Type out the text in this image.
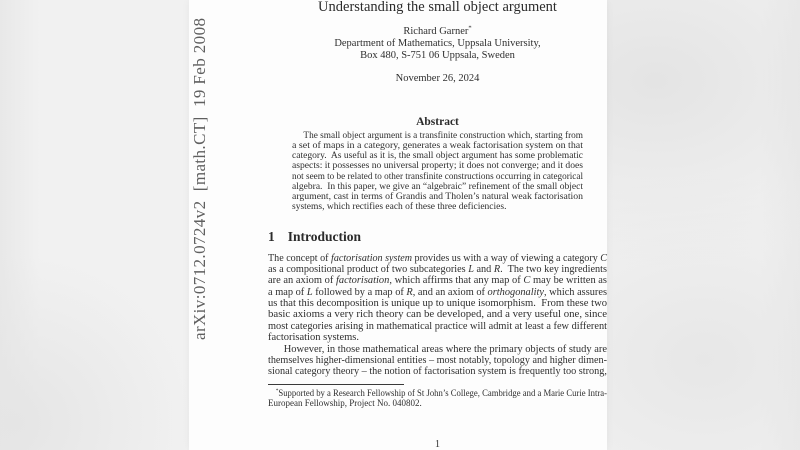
arXiv:0712.0724v2  [math.CT]  19 Feb 2008
Understanding the small object argument
Richard Garner*
Department of Mathematics, Uppsala University,
Box 480, S-751 06 Uppsala, Sweden
November 26, 2024
Abstract
The small object argument is a transfinite construction which, starting from
a set of maps in a category, generates a weak factorisation system on that
category.  As useful as it is, the small object argument has some problematic
aspects: it possesses no universal property; it does not converge; and it does
not seem to be related to other transfinite constructions occurring in categorical
algebra.  In this paper, we give an “algebraic” refinement of the small object
argument, cast in terms of Grandis and Tholen’s natural weak factorisation
systems, which rectifies each of these three deficiencies.
1 Introduction
The concept of factorisation system provides us with a way of viewing a category C
as a compositional product of two subcategories L and R.  The two key ingredients
are an axiom of factorisation, which affirms that any map of C may be written as
a map of L followed by a map of R, and an axiom of orthogonality, which assures
us that this decomposition is unique up to unique isomorphism.  From these two
basic axioms a very rich theory can be developed, and a very useful one, since
most categories arising in mathematical practice will admit at least a few different
factorisation systems.
However, in those mathematical areas where the primary objects of study are
themselves higher-dimensional entities – most notably, topology and higher dimen-
sional category theory – the notion of factorisation system is frequently too strong,
*Supported by a Research Fellowship of St John’s College, Cambridge and a Marie Curie Intra-
European Fellowship, Project No. 040802.
1
